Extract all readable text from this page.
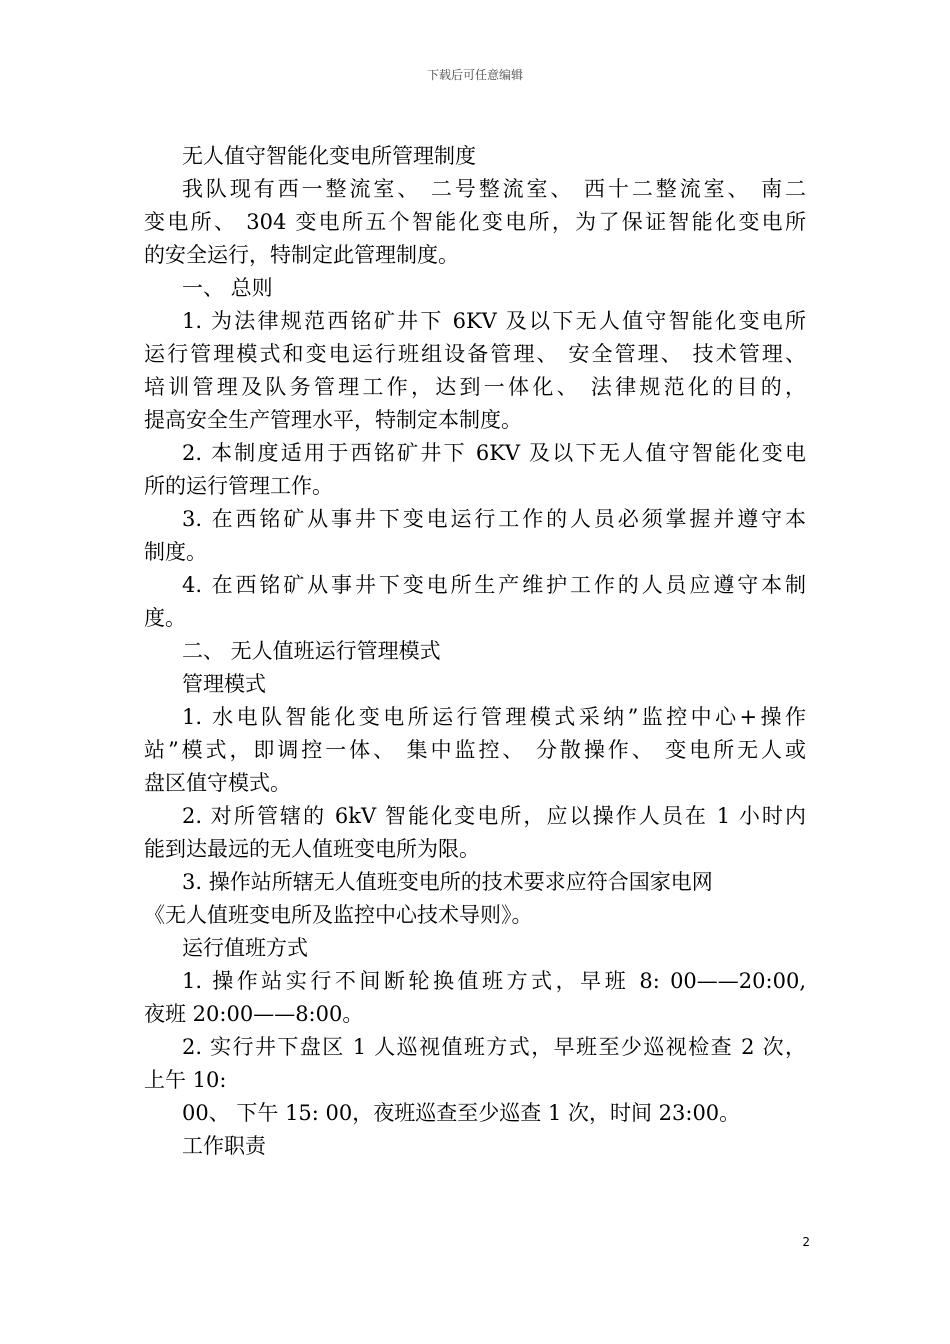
下载后可任意编辑

无人值守智能化变电所管理制度

我队现有西一整流室、 二号整流室、 西十二整流室、 南二

变电所、 304 变电所五个智能化变电所，为了保证智能化变电所

的安全运行，特制定此管理制度。

一、 总则

1. 为法律规范西铭矿井下 6KV 及以下无人值守智能化变电所

运行管理模式和变电运行班组设备管理、 安全管理、 技术管理、

培训管理及队务管理工作，达到一体化、 法律规范化的目的，

提高安全生产管理水平，特制定本制度。

2. 本制度适用于西铭矿井下 6KV 及以下无人值守智能化变电

所的运行管理工作。

3. 在西铭矿从事井下变电运行工作的人员必须掌握并遵守本

制度。

4. 在西铭矿从事井下变电所生产维护工作的人员应遵守本制

度。

二、 无人值班运行管理模式

管理模式

1. 水电队智能化变电所运行管理模式采纳”监控中心+操作

站”模式，即调控一体、 集中监控、 分散操作、 变电所无人或

盘区值守模式。

2. 对所管辖的 6kV 智能化变电所，应以操作人员在 1 小时内

能到达最远的无人值班变电所为限。

3. 操作站所辖无人值班变电所的技术要求应符合国家电网

《无人值班变电所及监控中心技术导则》。

运行值班方式

1. 操作站实行不间断轮换值班方式，早班 8: 00——20:00,

夜班 20:00——8:00。

2. 实行井下盘区 1 人巡视值班方式，早班至少巡视检查 2 次，

上午 10:

00、 下午 15: 00，夜班巡查至少巡查 1 次，时间 23:00。

工作职责

2
